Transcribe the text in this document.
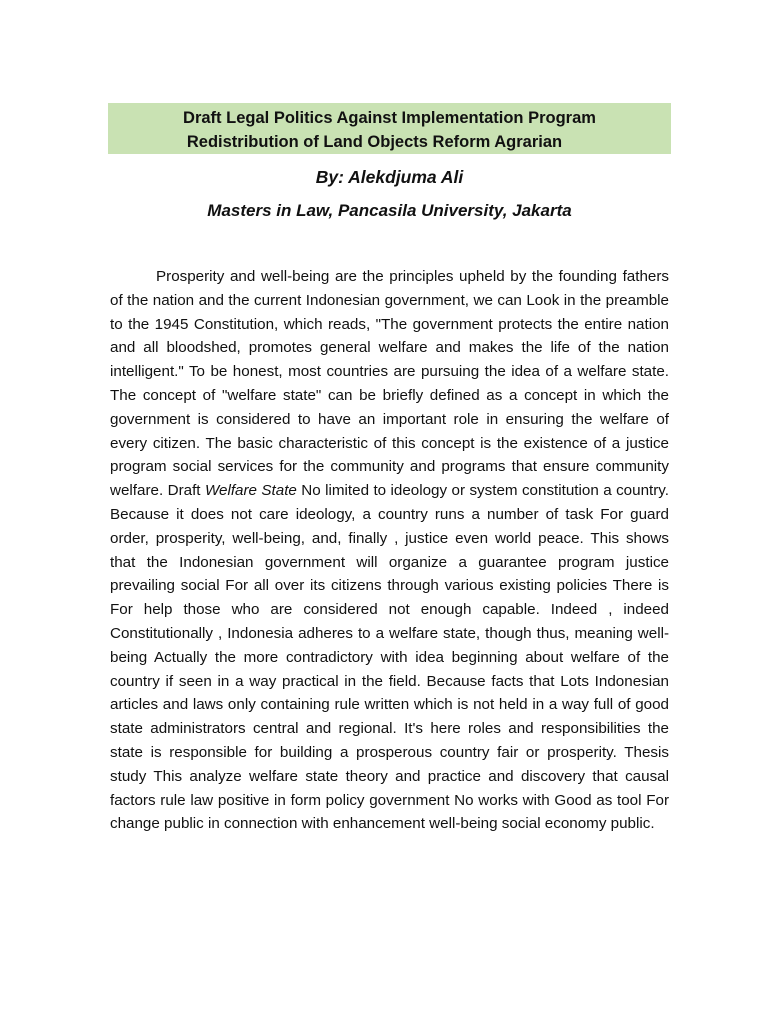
Draft Legal Politics Against Implementation Program
Redistribution of Land Objects Reform Agrarian
By: Alekdjuma Ali
Masters in Law, Pancasila University, Jakarta

Prosperity and well-being are the principles upheld by the founding fathers of the nation and the current Indonesian government, we can Look in the preamble to the 1945 Constitution, which reads, "The government protects the entire nation and all bloodshed, promotes general welfare and makes the life of the nation intelligent." To be honest, most countries are pursuing the idea of a welfare state. The concept of "welfare state" can be briefly defined as a concept in which the government is considered to have an important role in ensuring the welfare of every citizen. The basic characteristic of this concept is the existence of a justice program social services for the community and programs that ensure community welfare. Draft Welfare State No limited to ideology or system constitution a country. Because it does not care ideology, a country runs a number of task For guard order, prosperity, well-being, and, finally , justice even world peace. This shows that the Indonesian government will organize a guarantee program justice prevailing social For all over its citizens through various existing policies There is For help those who are considered not enough capable. Indeed , indeed Constitutionally , Indonesia adheres to a welfare state, though thus, meaning well-being Actually the more contradictory with idea beginning about welfare of the country if seen in a way practical in the field. Because facts that Lots Indonesian articles and laws only containing rule written which is not held in a way full of good state administrators central and regional. It's here roles and responsibilities the state is responsible for building a prosperous country fair or prosperity. Thesis study This analyze welfare state theory and practice and discovery that causal factors rule law positive in form policy government No works with Good as tool For change public in connection with enhancement well-being social economy public.
